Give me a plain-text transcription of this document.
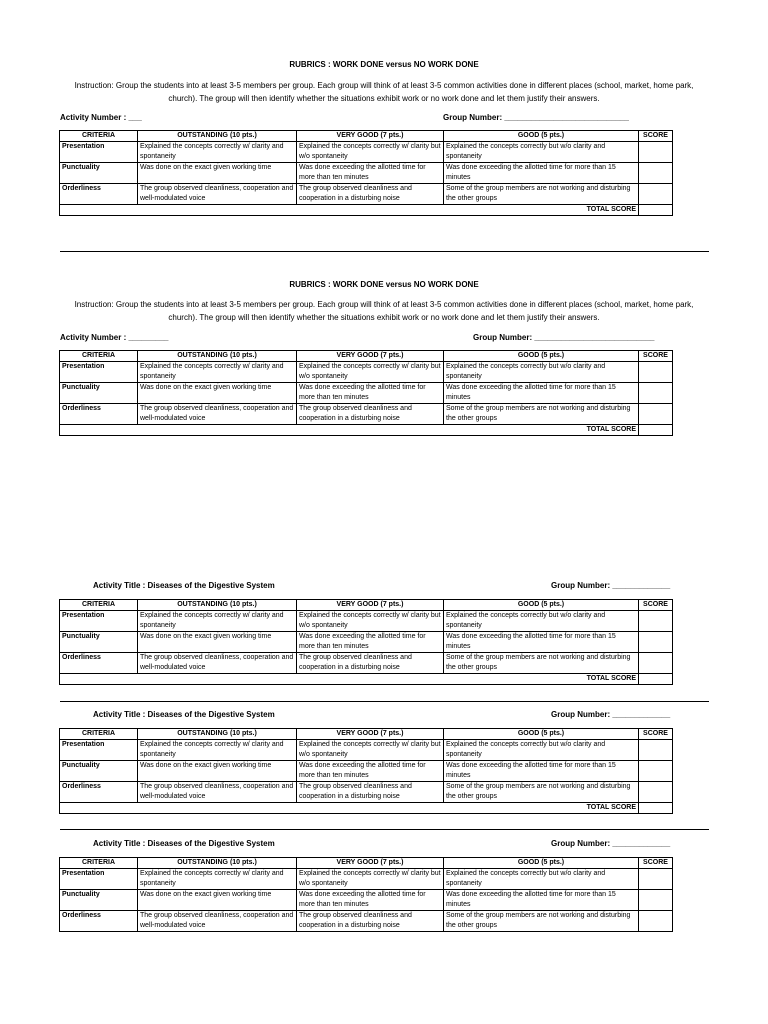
RUBRICS : WORK DONE versus NO WORK DONE
Instruction: Group the students into at least 3-5 members per group. Each group will think of at least 3-5 common activities done in different places (school, market, home park, church). The group will then identify whether the situations exhibit work or no work done and let them justify their answers.
Activity Number : ___	Group Number: ____________________________
CRITERIA	OUTSTANDING (10 pts.)	VERY GOOD (7 pts.)	GOOD (5 pts.)	SCORE
Presentation	Explained the concepts correctly w/ clarity and spontaneity	Explained the concepts correctly w/ clarity but w/o spontaneity	Explained the concepts correctly but w/o clarity and spontaneity	
Punctuality	Was done on the exact given working time	Was done exceeding the allotted time for more than ten minutes	Was done exceeding the allotted time for more than 15 minutes	
Orderliness	The group observed cleanliness, cooperation and well-modulated voice	The group observed cleanliness and cooperation in a disturbing noise	Some of the group members are not working and disturbing the other groups	
TOTAL SCORE				
RUBRICS : WORK DONE versus NO WORK DONE
Instruction: Group the students into at least 3-5 members per group. Each group will think of at least 3-5 common activities done in different places (school, market, home park, church). The group will then identify whether the situations exhibit work or no work done and let them justify their answers.
Activity Number : _________	Group Number: ___________________________
CRITERIA	OUTSTANDING (10 pts.)	VERY GOOD (7 pts.)	GOOD (5 pts.)	SCORE
Presentation	Explained the concepts correctly w/ clarity and spontaneity	Explained the concepts correctly w/ clarity but w/o spontaneity	Explained the concepts correctly but w/o clarity and spontaneity	
Punctuality	Was done on the exact given working time	Was done exceeding the allotted time for more than ten minutes	Was done exceeding the allotted time for more than 15 minutes	
Orderliness	The group observed cleanliness, cooperation and well-modulated voice	The group observed cleanliness and cooperation in a disturbing noise	Some of the group members are not working and disturbing the other groups	
TOTAL SCORE				
Activity Title : Diseases of the Digestive System	Group Number: _____________
CRITERIA	OUTSTANDING (10 pts.)	VERY GOOD (7 pts.)	GOOD (5 pts.)	SCORE
Presentation	Explained the concepts correctly w/ clarity and spontaneity	Explained the concepts correctly w/ clarity but w/o spontaneity	Explained the concepts correctly but w/o clarity and spontaneity	
Punctuality	Was done on the exact given working time	Was done exceeding the allotted time for more than ten minutes	Was done exceeding the allotted time for more than 15 minutes	
Orderliness	The group observed cleanliness, cooperation and well-modulated voice	The group observed cleanliness and cooperation in a disturbing noise	Some of the group members are not working and disturbing the other groups	
TOTAL SCORE				
Activity Title : Diseases of the Digestive System	Group Number: _____________
CRITERIA	OUTSTANDING (10 pts.)	VERY GOOD (7 pts.)	GOOD (5 pts.)	SCORE
Presentation	Explained the concepts correctly w/ clarity and spontaneity	Explained the concepts correctly w/ clarity but w/o spontaneity	Explained the concepts correctly but w/o clarity and spontaneity	
Punctuality	Was done on the exact given working time	Was done exceeding the allotted time for more than ten minutes	Was done exceeding the allotted time for more than 15 minutes	
Orderliness	The group observed cleanliness, cooperation and well-modulated voice	The group observed cleanliness and cooperation in a disturbing noise	Some of the group members are not working and disturbing the other groups	
TOTAL SCORE				
Activity Title : Diseases of the Digestive System	Group Number: _____________
CRITERIA	OUTSTANDING (10 pts.)	VERY GOOD (7 pts.)	GOOD (5 pts.)	SCORE
Presentation	Explained the concepts correctly w/ clarity and spontaneity	Explained the concepts correctly w/ clarity but w/o spontaneity	Explained the concepts correctly but w/o clarity and spontaneity	
Punctuality	Was done on the exact given working time	Was done exceeding the allotted time for more than ten minutes	Was done exceeding the allotted time for more than 15 minutes	
Orderliness	The group observed cleanliness, cooperation and well-modulated voice	The group observed cleanliness and cooperation in a disturbing noise	Some of the group members are not working and disturbing the other groups	
